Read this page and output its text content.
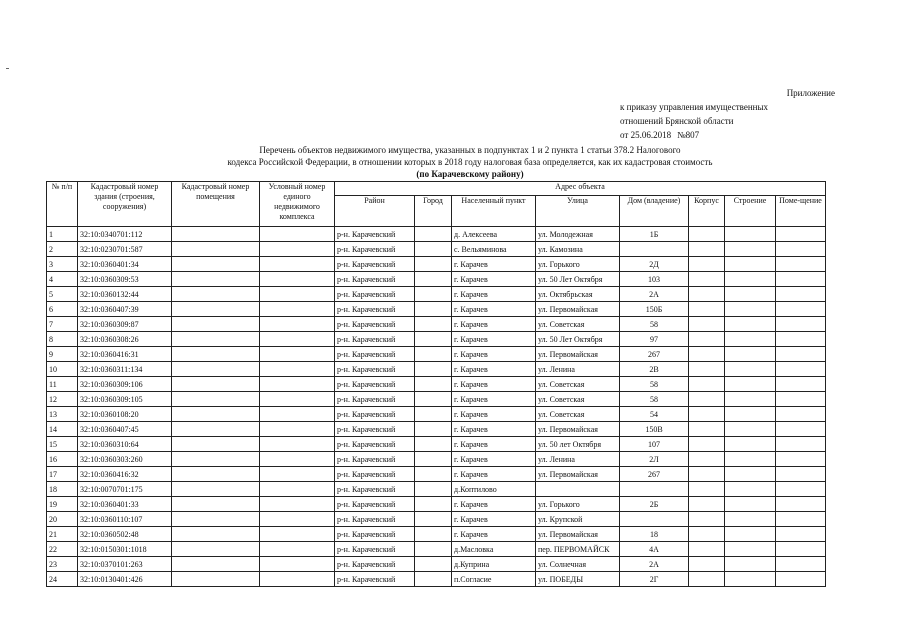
Приложение
к приказу управления имущественных
отношений Брянской области
от 25.06.2018 №807
Перечень объектов недвижимого имущества, указанных в подпунктах 1 и 2 пункта 1 статьи 378.2 Налогового
кодекса Российской Федерации, в отношении которых в 2018 году налоговая база определяется, как их кадастровая стоимость
(по Карачевскому району)
№ п/п	Кадастровый номер здания (строения, сооружения)	Кадастровый номер помещения	Условный номер единого недвижимого комплекса	Адрес объекта							
				Район	Город	Населенный пункт	Улица	Дом (владение)	Корпус	Строение	Поме-щение
1	32:10:0340701:112			р-н. Карачевский		д. Алексеева	ул. Молодежная	1Б			
2	32:10:0230701:587			р-н. Карачевский		с. Вельяминова	ул. Камозина				
3	32:10:0360401:34			р-н. Карачевский		г. Карачев	ул. Горького	2Д			
4	32:10:0360309:53			р-н. Карачевский		г. Карачев	ул. 50 Лет Октября	103			
5	32:10:0360132:44			р-н. Карачевский		г. Карачев	ул. Октябрьская	2А			
6	32:10:0360407:39			р-н. Карачевский		г. Карачев	ул. Первомайская	150Б			
7	32:10:0360309:87			р-н. Карачевский		г. Карачев	ул. Советская	58			
8	32:10:0360308:26			р-н. Карачевский		г. Карачев	ул. 50 Лет Октября	97			
9	32:10:0360416:31			р-н. Карачевский		г. Карачев	ул. Первомайская	267			
10	32:10:0360311:134			р-н. Карачевский		г. Карачев	ул. Ленина	2В			
11	32:10:0360309:106			р-н. Карачевский		г. Карачев	ул. Советская	58			
12	32:10:0360309:105			р-н. Карачевский		г. Карачев	ул. Советская	58			
13	32:10:0360108:20			р-н. Карачевский		г. Карачев	ул. Советская	54			
14	32:10:0360407:45			р-н. Карачевский		г. Карачев	ул. Первомайская	150В			
15	32:10:0360310:64			р-н. Карачевский		г. Карачев	ул. 50 лет Октября	107			
16	32:10:0360303:260			р-н. Карачевский		г. Карачев	ул. Ленина	2Л			
17	32:10:0360416:32			р-н. Карачевский		г. Карачев	ул. Первомайская	267			
18	32:10:0070701:175			р-н. Карачевский		д.Коптилово					
19	32:10:0360401:33			р-н. Карачевский		г. Карачев	ул. Горького	2Б			
20	32:10:0360110:107			р-н. Карачевский		г. Карачев	ул. Крупской				
21	32:10:0360502:48			р-н. Карачевский		г. Карачев	ул. Первомайская	18			
22	32:10:0150301:1018			р-н. Карачевский		д.Масловка	пер. ПЕРВОМАЙСК	4А			
23	32:10:0370101:263			р-н. Карачевский		д.Куприна	ул. Солнечная	2А			
24	32:10:0130401:426			р-н. Карачевский		п.Согласие	ул. ПОБЕДЫ	2Г			
